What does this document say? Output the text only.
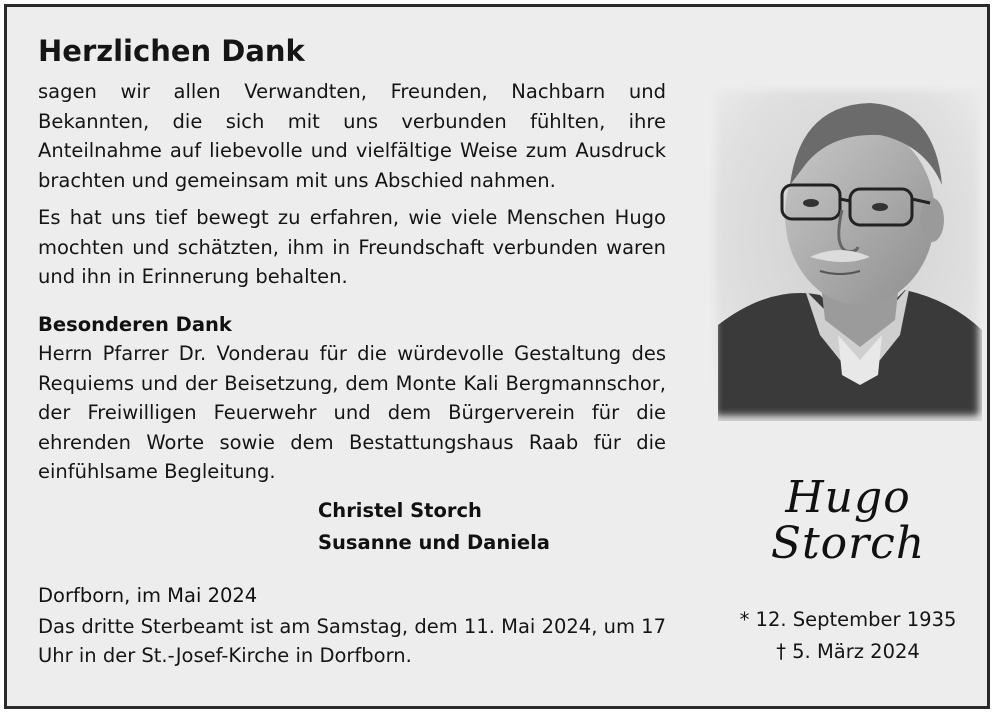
Herzlichen Dank

sagen wir allen Verwandten, Freunden, Nachbarn und Bekannten, die sich mit uns verbunden fühlten, ihre Anteilnahme auf liebevolle und vielfältige Weise zum Ausdruck brachten und gemeinsam mit uns Abschied nahmen.

Es hat uns tief bewegt zu erfahren, wie viele Menschen Hugo mochten und schätzten, ihm in Freundschaft verbunden waren und ihn in Erinnerung behalten.

Besonderen Dank

Herrn Pfarrer Dr. Vonderau für die würdevolle Gestaltung des Requiems und der Beisetzung, dem Monte Kali Bergmannschor, der Freiwilligen Feuerwehr und dem Bürgerverein für die ehrenden Worte sowie dem Bestattungshaus Raab für die einfühlsame Begleitung.

Christel Storch
Susanne und Daniela
Dorfborn, im Mai 2024

Das dritte Sterbeamt ist am Samstag, dem 11. Mai 2024, um 17 Uhr in der St.-Josef-Kirche in Dorfborn.

Hugo
Storch
* 12. September 1935
† 5. März 2024
